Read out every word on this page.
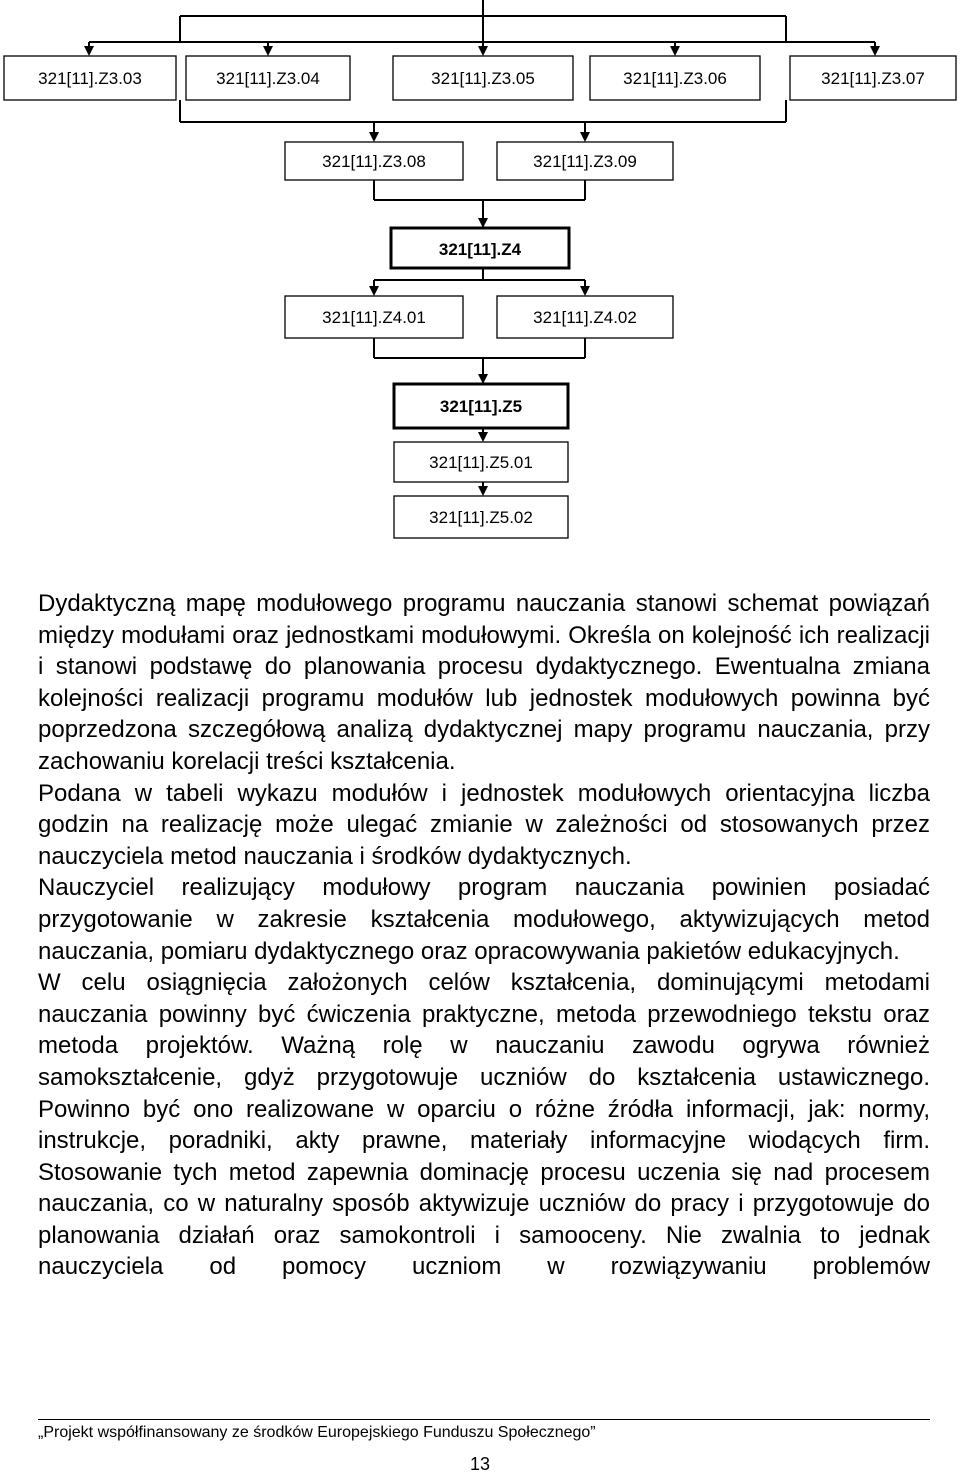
321[11].Z3.03	321[11].Z3.04	321[11].Z3.05	321[11].Z3.06	321[11].Z3.07
321[11].Z3.08	321[11].Z3.09
321[11].Z4
321[11].Z4.01	321[11].Z4.02
321[11].Z5
321[11].Z5.01
321[11].Z5.02

Dydaktyczną mapę modułowego programu nauczania stanowi schemat powiązań między modułami oraz jednostkami modułowymi. Określa on kolejność ich realizacji i stanowi podstawę do planowania procesu dydaktycznego. Ewentualna zmiana kolejności realizacji programu modułów lub jednostek modułowych powinna być poprzedzona szczegółową analizą dydaktycznej mapy programu nauczania, przy zachowaniu korelacji treści kształcenia.

Podana w tabeli wykazu modułów i jednostek modułowych orientacyjna liczba godzin na realizację może ulegać zmianie w zależności od stosowanych przez nauczyciela metod nauczania i środków dydaktycznych.

Nauczyciel realizujący modułowy program nauczania powinien posiadać przygotowanie w zakresie kształcenia modułowego, aktywizujących metod nauczania, pomiaru dydaktycznego oraz opracowywania pakietów edukacyjnych.

W celu osiągnięcia założonych celów kształcenia, dominującymi metodami nauczania powinny być ćwiczenia praktyczne, metoda przewodniego tekstu oraz metoda projektów. Ważną rolę w nauczaniu zawodu ogrywa również samokształcenie, gdyż przygotowuje uczniów do kształcenia ustawicznego. Powinno być ono realizowane w oparciu o różne źródła informacji, jak: normy, instrukcje, poradniki, akty prawne, materiały informacyjne wiodących firm. Stosowanie tych metod zapewnia dominację procesu uczenia się nad procesem nauczania, co w naturalny sposób aktywizuje uczniów do pracy i przygotowuje do planowania działań oraz samokontroli i samooceny. Nie zwalnia to jednak nauczyciela od pomocy uczniom w rozwiązywaniu problemów

„Projekt współfinansowany ze środków Europejskiego Funduszu Społecznego”
13
